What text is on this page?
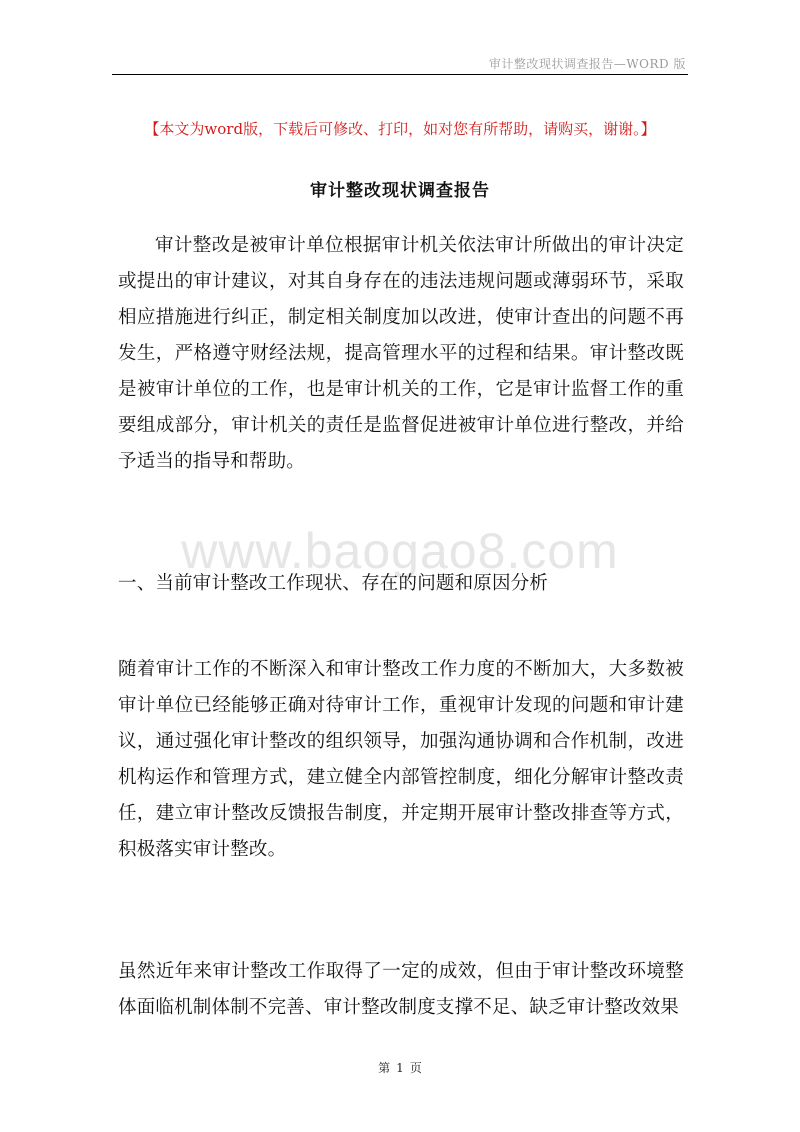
审计整改现状调查报告—WORD 版
【本文为word版，下载后可修改、打印，如对您有所帮助，请购买，谢谢。】
审计整改现状调查报告

审计整改是被审计单位根据审计机关依法审计所做出的审计决定或提出的审计建议，对其自身存在的违法违规问题或薄弱环节，采取相应措施进行纠正，制定相关制度加以改进，使审计查出的问题不再发生，严格遵守财经法规，提高管理水平的过程和结果。审计整改既是被审计单位的工作，也是审计机关的工作，它是审计监督工作的重要组成部分，审计机关的责任是监督促进被审计单位进行整改，并给予适当的指导和帮助。

www.baogao8.com

一、当前审计整改工作现状、存在的问题和原因分析

随着审计工作的不断深入和审计整改工作力度的不断加大，大多数被审计单位已经能够正确对待审计工作，重视审计发现的问题和审计建议，通过强化审计整改的组织领导，加强沟通协调和合作机制，改进机构运作和管理方式，建立健全内部管控制度，细化分解审计整改责任，建立审计整改反馈报告制度，并定期开展审计整改排查等方式，积极落实审计整改。

虽然近年来审计整改工作取得了一定的成效，但由于审计整改环境整体面临机制体制不完善、审计整改制度支撑不足、缺乏审计整改效果

第 1 页
